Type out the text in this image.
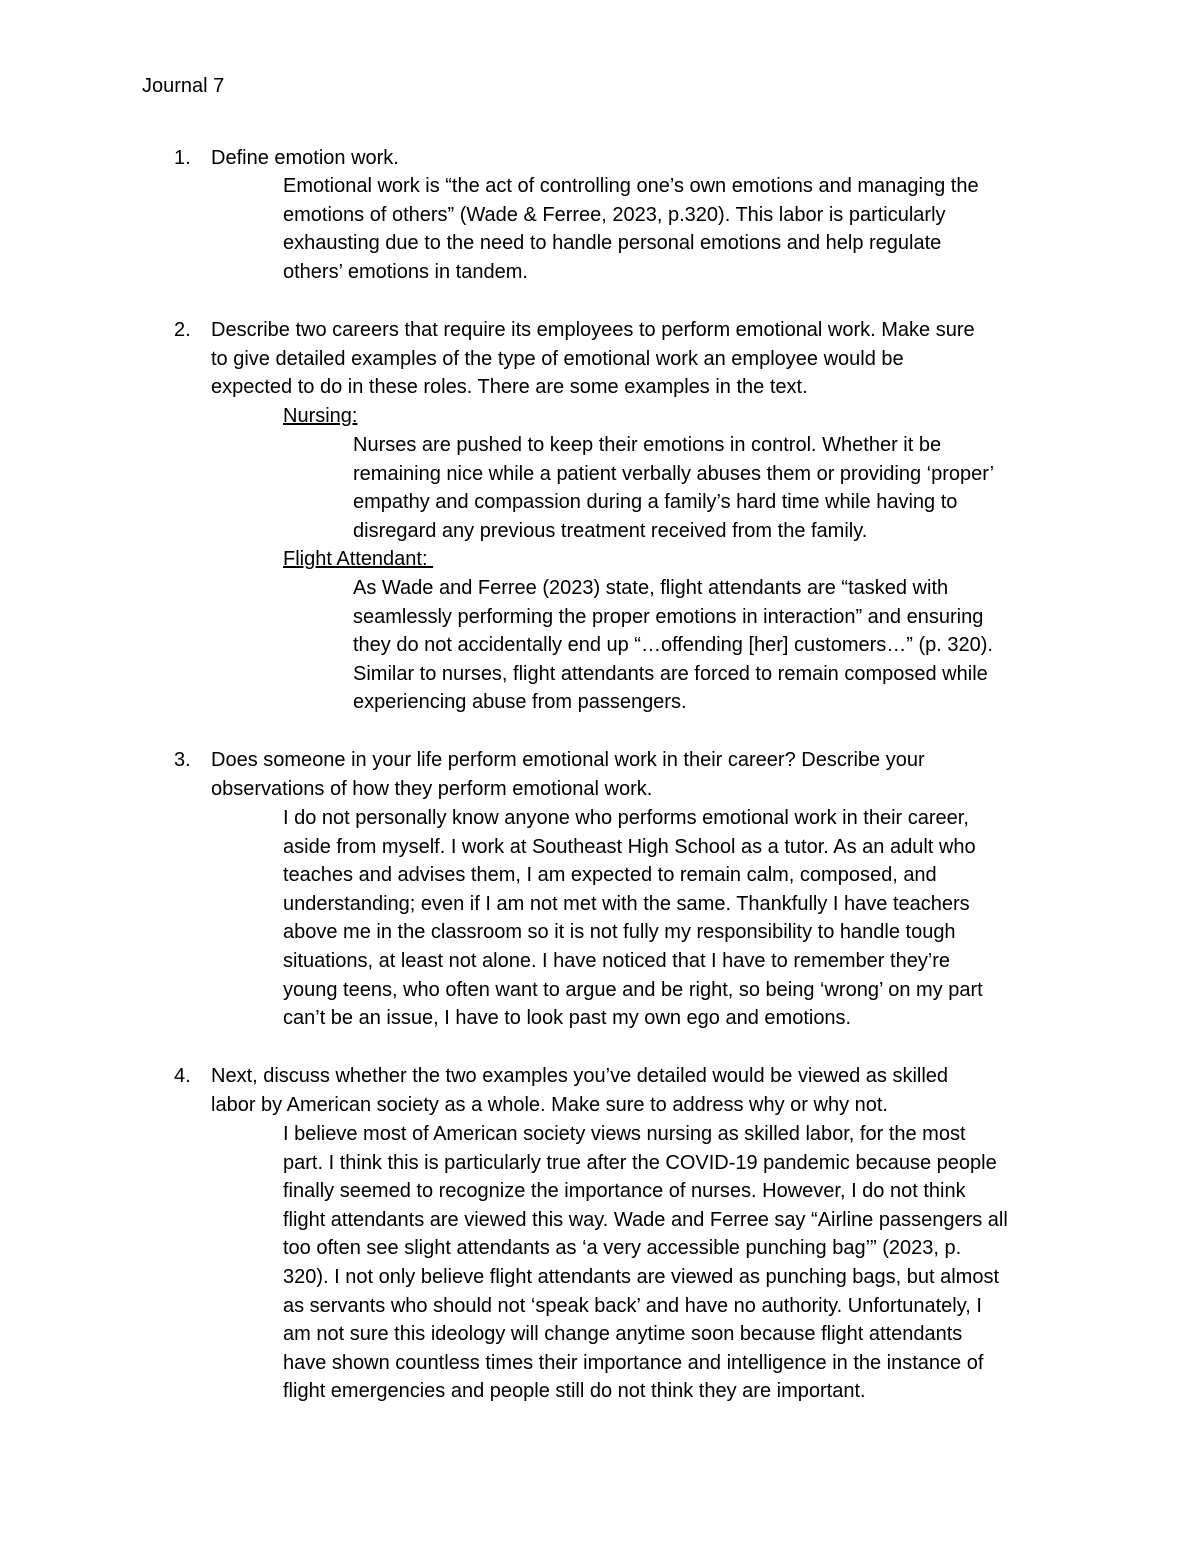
Journal 7
1. Define emotion work.
Emotional work is “the act of controlling one’s own emotions and managing the
emotions of others” (Wade & Ferree, 2023, p.320). This labor is particularly
exhausting due to the need to handle personal emotions and help regulate
others’ emotions in tandem.
2. Describe two careers that require its employees to perform emotional work. Make sure
to give detailed examples of the type of emotional work an employee would be
expected to do in these roles. There are some examples in the text.
Nursing:
Nurses are pushed to keep their emotions in control. Whether it be
remaining nice while a patient verbally abuses them or providing ‘proper’
empathy and compassion during a family’s hard time while having to
disregard any previous treatment received from the family.
Flight Attendant:
As Wade and Ferree (2023) state, flight attendants are “tasked with
seamlessly performing the proper emotions in interaction” and ensuring
they do not accidentally end up “…offending [her] customers…” (p. 320).
Similar to nurses, flight attendants are forced to remain composed while
experiencing abuse from passengers.
3. Does someone in your life perform emotional work in their career? Describe your
observations of how they perform emotional work.
I do not personally know anyone who performs emotional work in their career,
aside from myself. I work at Southeast High School as a tutor. As an adult who
teaches and advises them, I am expected to remain calm, composed, and
understanding; even if I am not met with the same. Thankfully I have teachers
above me in the classroom so it is not fully my responsibility to handle tough
situations, at least not alone. I have noticed that I have to remember they’re
young teens, who often want to argue and be right, so being ‘wrong’ on my part
can’t be an issue, I have to look past my own ego and emotions.
4. Next, discuss whether the two examples you’ve detailed would be viewed as skilled
labor by American society as a whole. Make sure to address why or why not.
I believe most of American society views nursing as skilled labor, for the most
part. I think this is particularly true after the COVID-19 pandemic because people
finally seemed to recognize the importance of nurses. However, I do not think
flight attendants are viewed this way. Wade and Ferree say “Airline passengers all
too often see slight attendants as ‘a very accessible punching bag’” (2023, p.
320). I not only believe flight attendants are viewed as punching bags, but almost
as servants who should not ‘speak back’ and have no authority. Unfortunately, I
am not sure this ideology will change anytime soon because flight attendants
have shown countless times their importance and intelligence in the instance of
flight emergencies and people still do not think they are important.
